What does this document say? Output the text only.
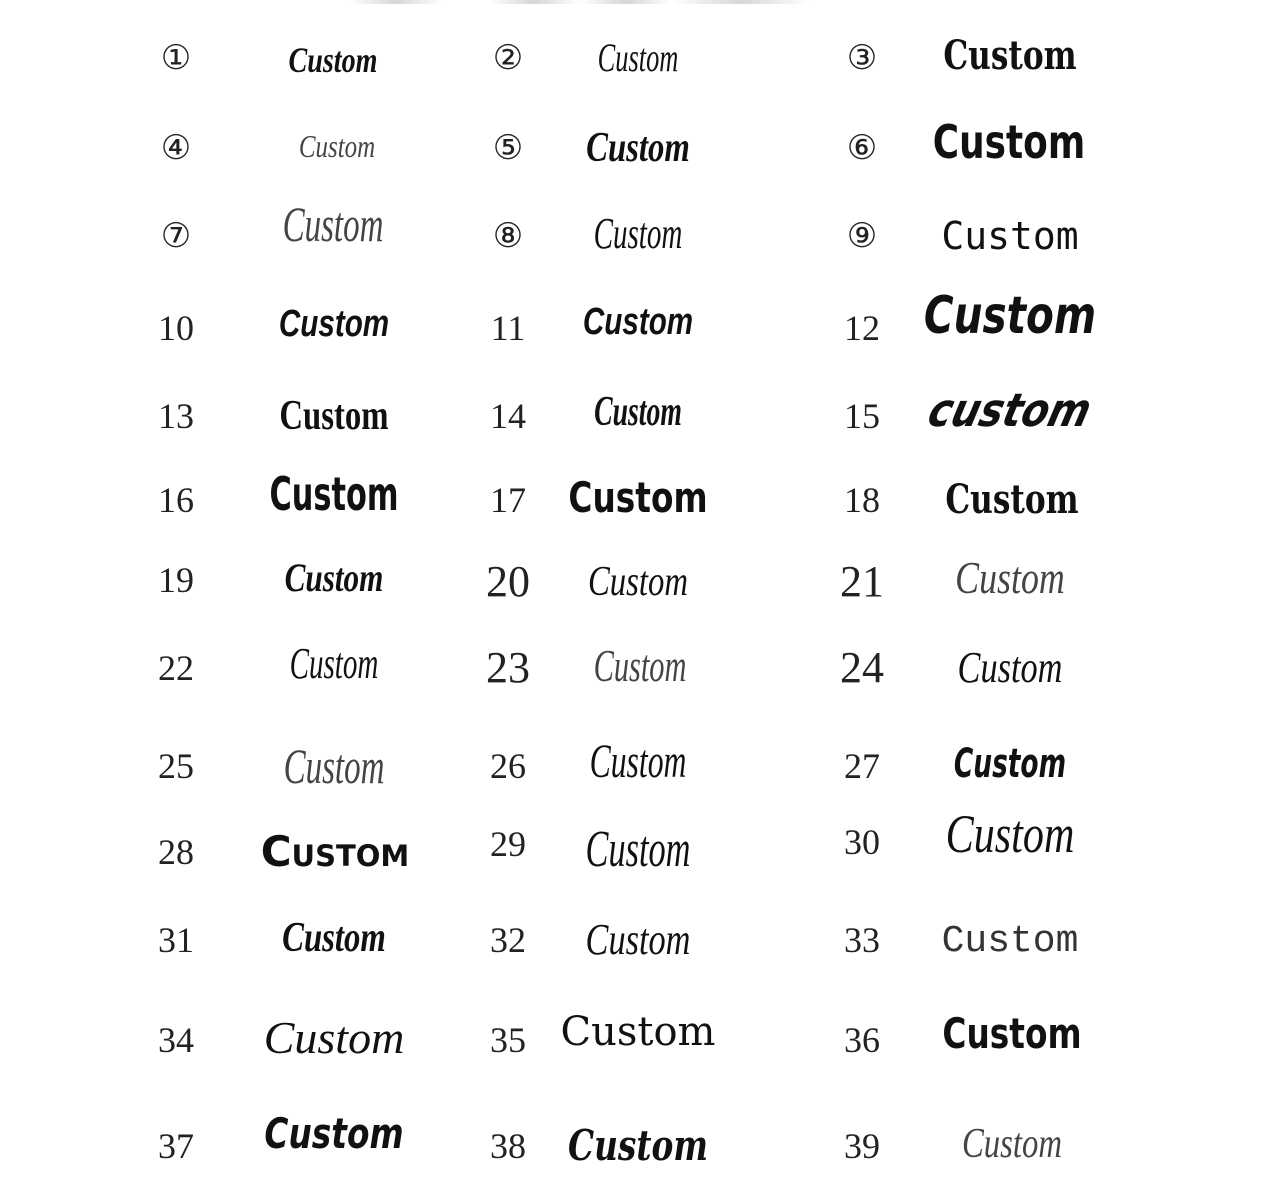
①	Custom	② Custom	③ Custom
④	Custom	⑤ Custom	⑥ Custom
⑦ Custom	⑧ Custom	⑨ Custom
10 Custom	11 Custom	12 Custom
13 Custom	14 Custom	15 custom
16 Custom	17 Custom	18 Custom
19 Custom 20 Custom	21 Custom
22 Custom 23 Custom	24 Custom
25 Custom	26 Custom	27 Custom
28 Custom 29 Custom	30 Custom
31 Custom	32 Custom	33 Custom
34 Custom 35 Custom	36 Custom
37 Custom 38 Custom	39 Custom
